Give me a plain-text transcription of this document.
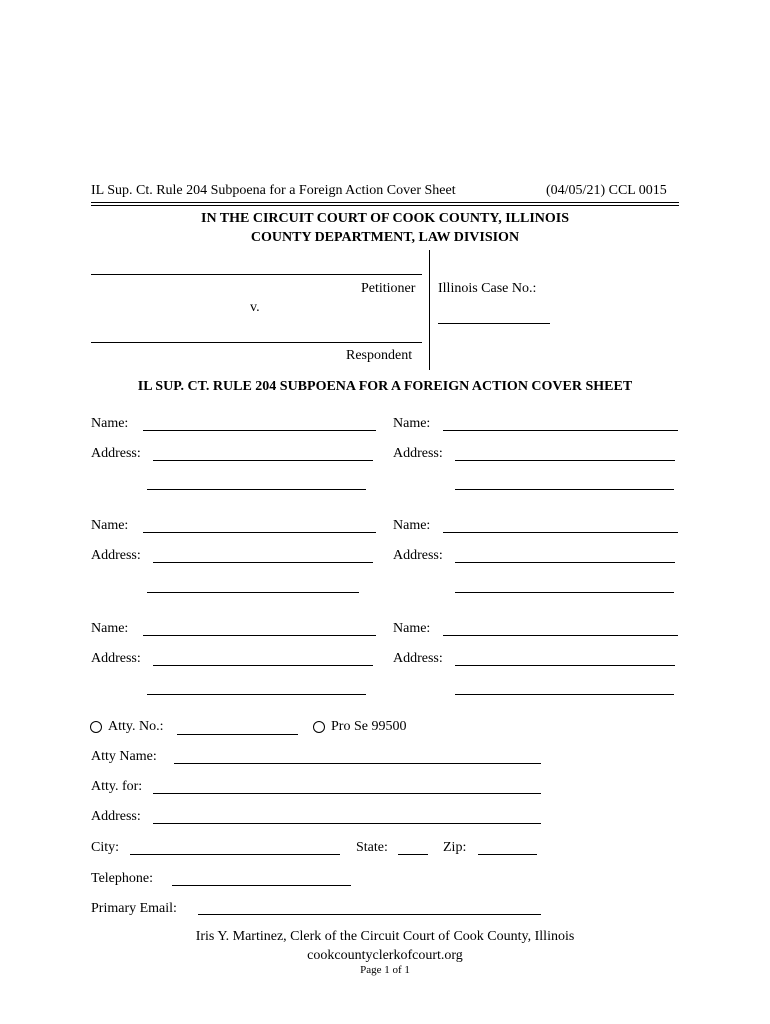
IL Sup. Ct. Rule 204 Subpoena for a Foreign Action Cover Sheet	(04/05/21) CCL 0015
IN THE CIRCUIT COURT OF COOK COUNTY, ILLINOIS
COUNTY DEPARTMENT, LAW DIVISION
Petitioner
v.
Respondent
Illinois Case No.:
IL SUP. CT. RULE 204 SUBPOENA FOR A FOREIGN ACTION COVER SHEET
Name:	Name:
Address:	Address:
Name:	Name:
Address:	Address:
Name:	Name:
Address:	Address:
Atty. No.:	Pro Se 99500
Atty Name:
Atty. for:
Address:
City:	State:	Zip:
Telephone:
Primary Email:
Iris Y. Martinez, Clerk of the Circuit Court of Cook County, Illinois
cookcountyclerkofcourt.org
Page 1 of 1
